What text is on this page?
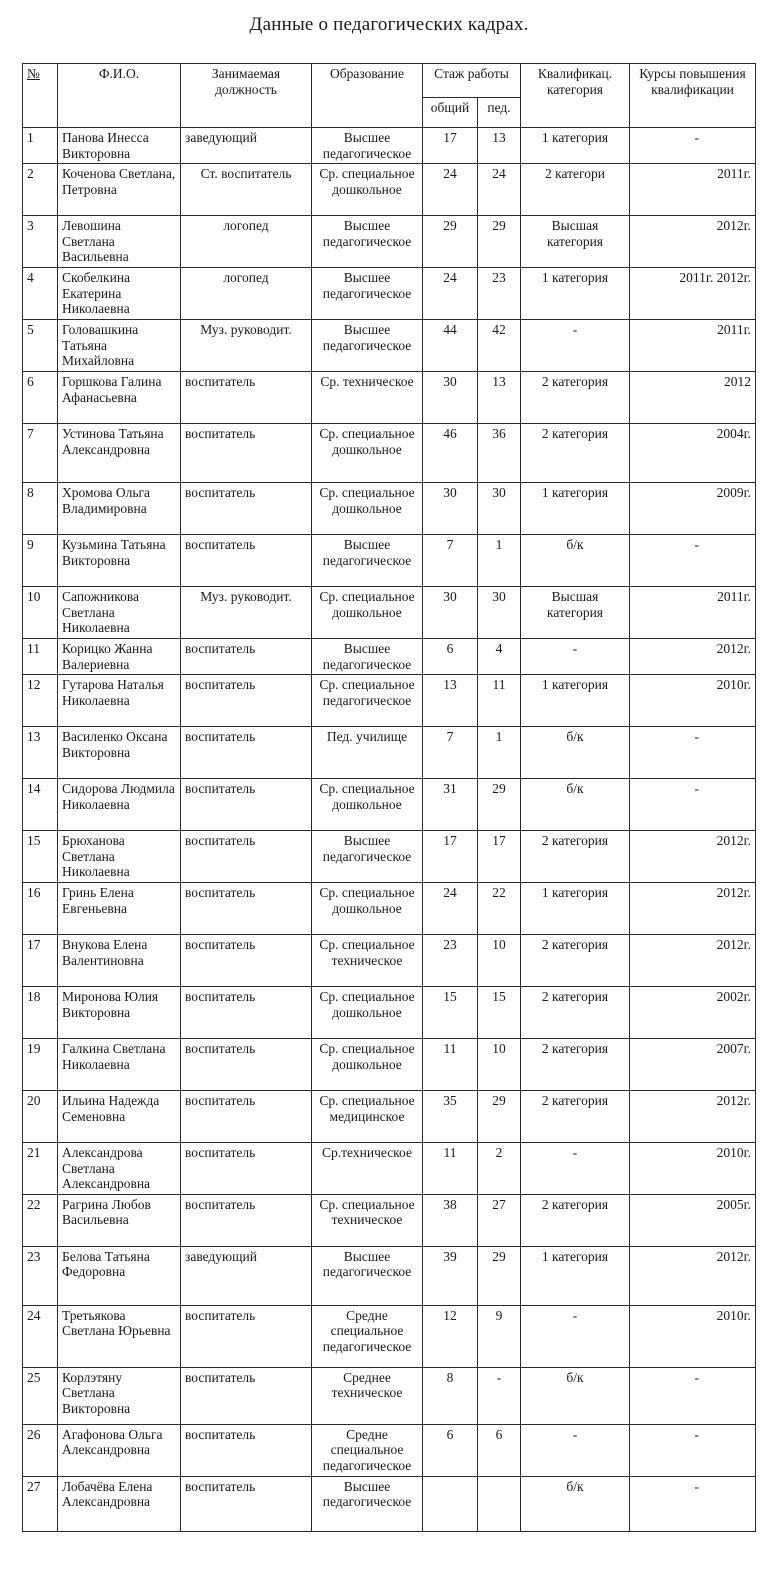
Данные о педагогических кадрах.
№	Ф.И.О.	Занимаемая должность	Образование	Стаж работы		Квалификац. категория	Курсы повышения квалификации
				общий	пед.		
1	Панова Инесса Викторовна	заведующий	Высшее педагогическое	17	13	1 категория	-
2	Коченова Светлана, Петровна	Ст. воспитатель	Ср. специальное дошкольное	24	24	2 категори	2011г.
3	Левошина Светлана Васильевна	логопед	Высшее педагогическое	29	29	Высшая категория	2012г.
4	Скобелкина Екатерина Николаевна	логопед	Высшее педагогическое	24	23	1 категория	2011г. 2012г.
5	Головашкина Татьяна Михайловна	Муз. руководит.	Высшее педагогическое	44	42	-	2011г.
6	Горшкова Галина Афанасьевна	воспитатель	Ср. техническое	30	13	2 категория	2012
7	Устинова Татьяна Александровна	воспитатель	Ср. специальное дошкольное	46	36	2 категория	2004г.
8	Хромова Ольга Владимировна	воспитатель	Ср. специальное дошкольное	30	30	1 категория	2009г.
9	Кузьмина Татьяна Викторовна	воспитатель	Высшее педагогическое	7	1	б/к	-
10	Сапожникова Светлана Николаевна	Муз. руководит.	Ср. специальное дошкольное	30	30	Высшая категория	2011г.
11	Корицко Жанна Валериевна	воспитатель	Высшее педагогическое	6	4	-	2012г.
12	Гутарова Наталья Николаевна	воспитатель	Ср. специальное педагогическое	13	11	1 категория	2010г.
13	Василенко Оксана Викторовна	воспитатель	Пед. училище	7	1	б/к	-
14	Сидорова Людмила Николаевна	воспитатель	Ср. специальное дошкольное	31	29	б/к	-
15	Брюханова Светлана Николаевна	воспитатель	Высшее педагогическое	17	17	2 категория	2012г.
16	Гринь Елена Евгеньевна	воспитатель	Ср. специальное дошкольное	24	22	1 категория	2012г.
17	Внукова Елена Валентиновна	воспитатель	Ср. специальное техническое	23	10	2 категория	2012г.
18	Миронова Юлия Викторовна	воспитатель	Ср. специальное дошкольное	15	15	2 категория	2002г.
19	Галкина Светлана Николаевна	воспитатель	Ср. специальное дошкольное	11	10	2 категория	2007г.
20	Ильина Надежда Семеновна	воспитатель	Ср. специальное медицинское	35	29	2 категория	2012г.
21	Александрова Светлана Александровна	воспитатель	Ср.техническое	11	2	-	2010г.
22	Рагрина Любов Васильевна	воспитатель	Ср. специальное техническое	38	27	2 категория	2005г.
23	Белова Татьяна Федоровна	заведующий	Высшее педагогическое	39	29	1 категория	2012г.
24	Третьякова Светлана Юрьевна	воспитатель	Средне специальное педагогическое	12	9	-	2010г.
25	Корлэтяну Светлана Викторовна	воспитатель	Среднее техническое	8	-	б/к	-
26	Агафонова Ольга Александровна	воспитатель	Средне специальное педагогическое	6	6	-	-
27	Лобачёва Елена Александровна	воспитатель	Высшее педагогическое			б/к	-
